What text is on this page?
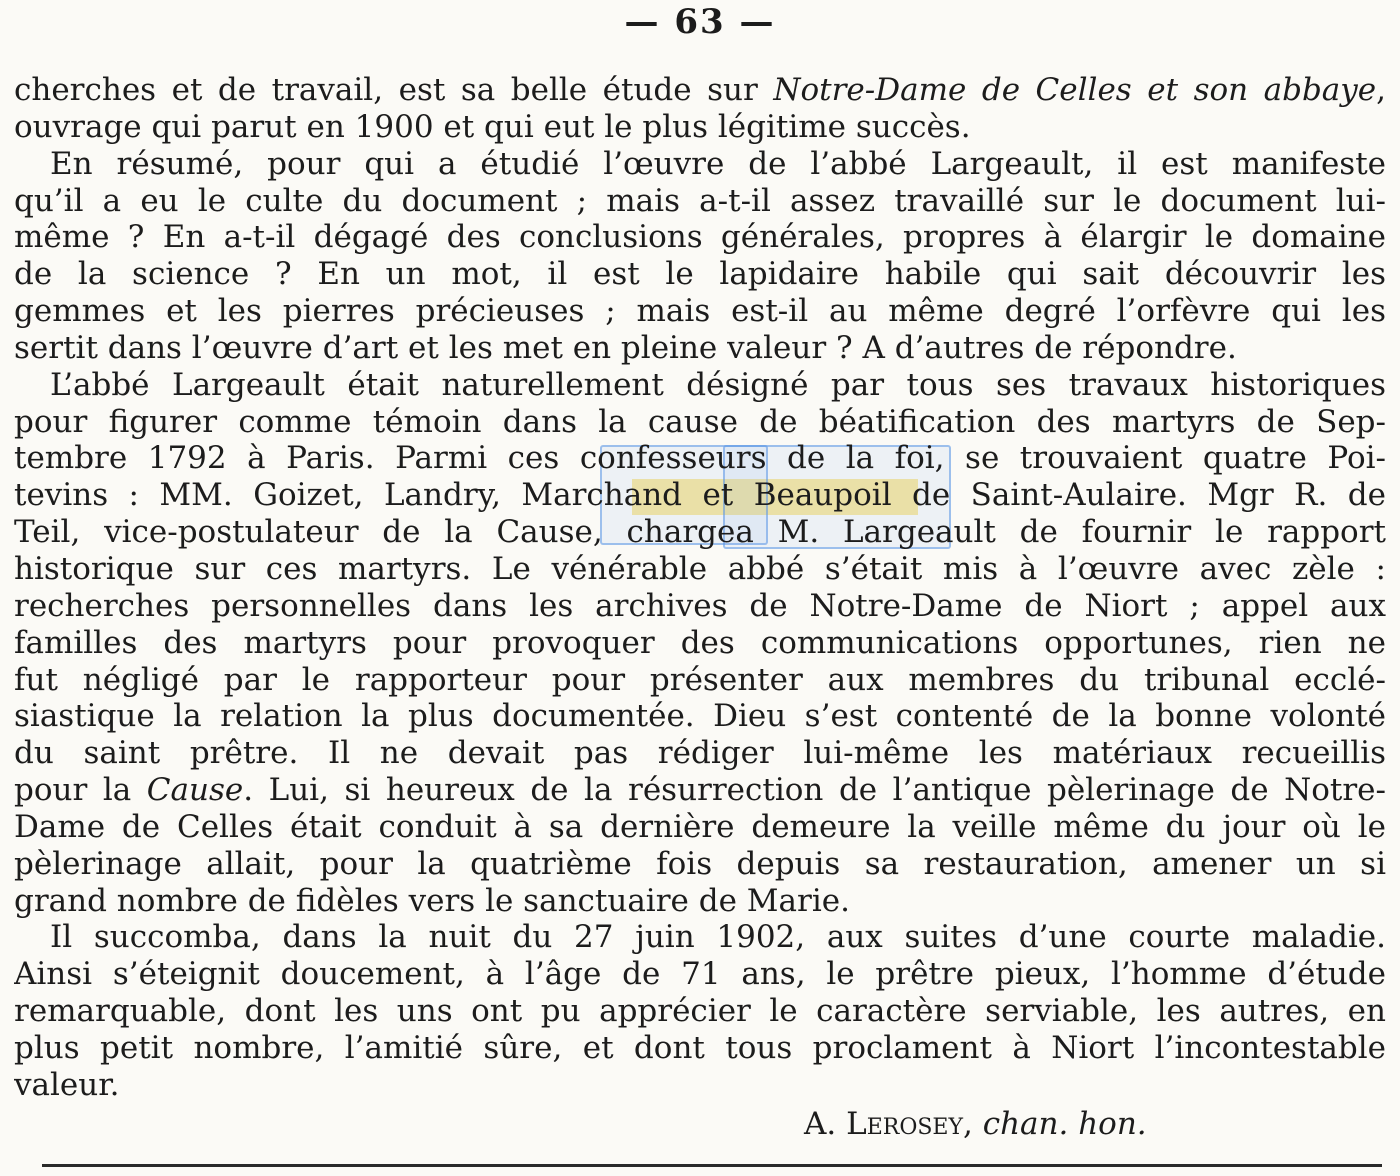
— 63 —
cherches et de travail, est sa belle étude sur Notre-Dame de Celles et son abbaye,
ouvrage qui parut en 1900 et qui eut le plus légitime succès.
En résumé, pour qui a étudié l’œuvre de l’abbé Largeault, il est manifeste
qu’il a eu le culte du document ; mais a-t-il assez travaillé sur le document lui-
même ? En a-t-il dégagé des conclusions générales, propres à élargir le domaine
de la science ? En un mot, il est le lapidaire habile qui sait découvrir les
gemmes et les pierres précieuses ; mais est-il au même degré l’orfèvre qui les
sertit dans l’œuvre d’art et les met en pleine valeur ? A d’autres de répondre.
L’abbé Largeault était naturellement désigné par tous ses travaux historiques
pour figurer comme témoin dans la cause de béatification des martyrs de Sep-
tembre 1792 à Paris. Parmi ces confesseurs de la foi, se trouvaient quatre Poi-
tevins : MM. Goizet, Landry, Marchand et Beaupoil de Saint-Aulaire. Mgr R. de
Teil, vice-postulateur de la Cause, chargea M. Largeault de fournir le rapport
historique sur ces martyrs. Le vénérable abbé s’était mis à l’œuvre avec zèle :
recherches personnelles dans les archives de Notre-Dame de Niort ; appel aux
familles des martyrs pour provoquer des communications opportunes, rien ne
fut négligé par le rapporteur pour présenter aux membres du tribunal ecclé-
siastique la relation la plus documentée. Dieu s’est contenté de la bonne volonté
du saint prêtre. Il ne devait pas rédiger lui-même les matériaux recueillis
pour la Cause. Lui, si heureux de la résurrection de l’antique pèlerinage de Notre-
Dame de Celles était conduit à sa dernière demeure la veille même du jour où le
pèlerinage allait, pour la quatrième fois depuis sa restauration, amener un si
grand nombre de fidèles vers le sanctuaire de Marie.
Il succomba, dans la nuit du 27 juin 1902, aux suites d’une courte maladie.
Ainsi s’éteignit doucement, à l’âge de 71 ans, le prêtre pieux, l’homme d’étude
remarquable, dont les uns ont pu apprécier le caractère serviable, les autres, en
plus petit nombre, l’amitié sûre, et dont tous proclament à Niort l’incontestable
valeur.
A. Lerosey, chan. hon.
